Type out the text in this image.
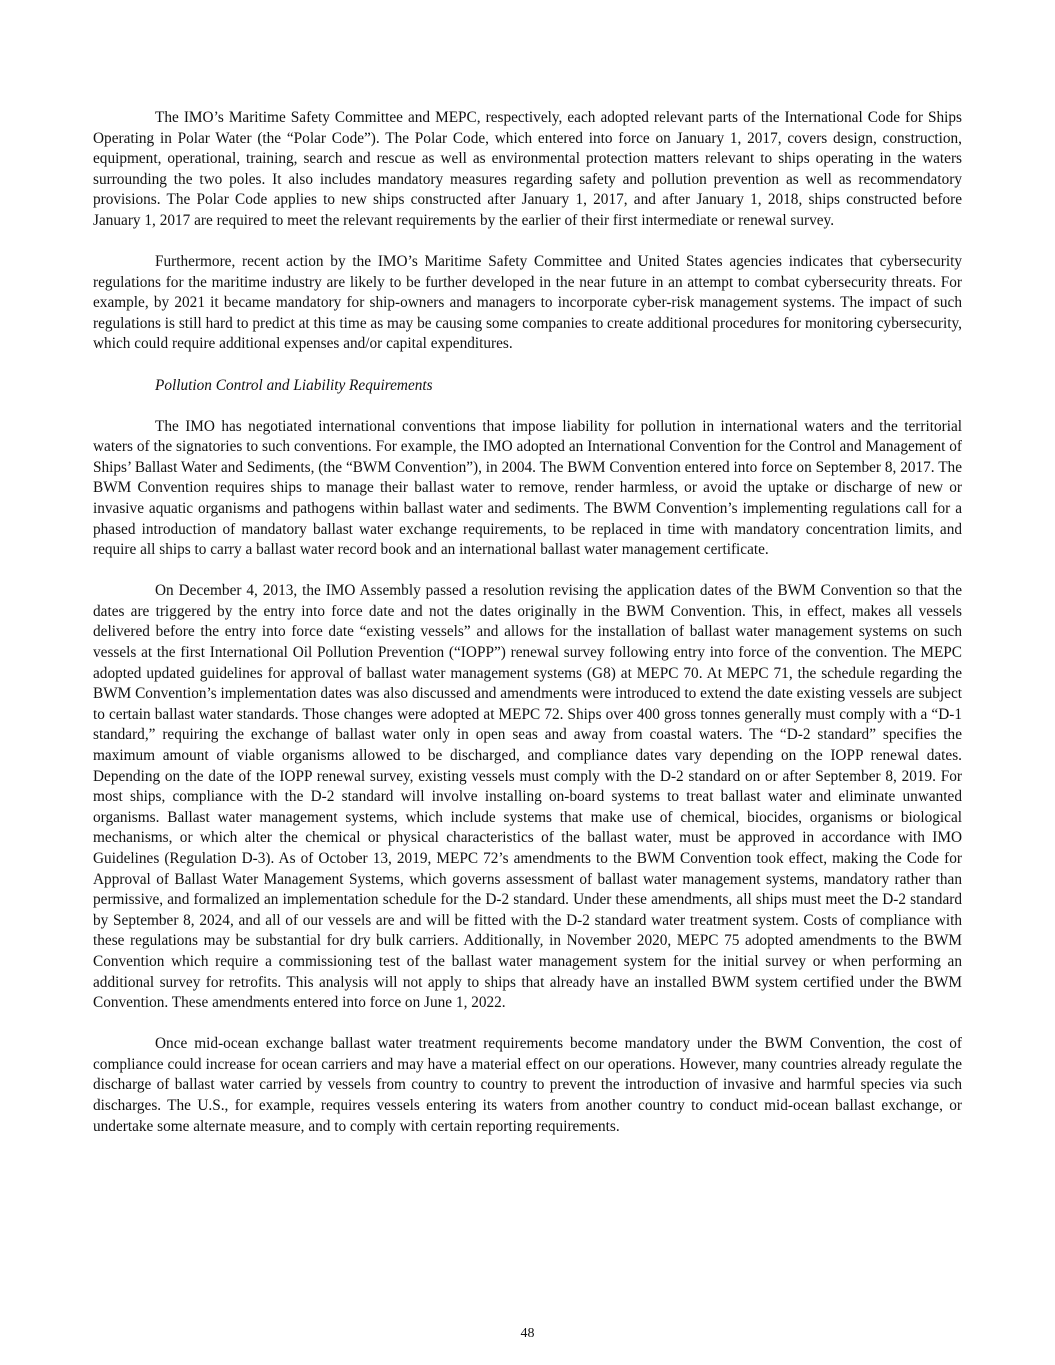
The IMO’s Maritime Safety Committee and MEPC, respectively, each adopted relevant parts of the International Code for Ships Operating in Polar Water (the “Polar Code”). The Polar Code, which entered into force on January 1, 2017, covers design, construction, equipment, operational, training, search and rescue as well as environmental protection matters relevant to ships operating in the waters surrounding the two poles. It also includes mandatory measures regarding safety and pollution prevention as well as recommendatory provisions. The Polar Code applies to new ships constructed after January 1, 2017, and after January 1, 2018, ships constructed before January 1, 2017 are required to meet the relevant requirements by the earlier of their first intermediate or renewal survey.

Furthermore, recent action by the IMO’s Maritime Safety Committee and United States agencies indicates that cybersecurity regulations for the maritime industry are likely to be further developed in the near future in an attempt to combat cybersecurity threats. For example, by 2021 it became mandatory for ship-owners and managers to incorporate cyber-risk management systems. The impact of such regulations is still hard to predict at this time as may be causing some companies to create additional procedures for monitoring cybersecurity, which could require additional expenses and/or capital expenditures.

Pollution Control and Liability Requirements

The IMO has negotiated international conventions that impose liability for pollution in international waters and the territorial waters of the signatories to such conventions. For example, the IMO adopted an International Convention for the Control and Management of Ships’ Ballast Water and Sediments, (the “BWM Convention”), in 2004. The BWM Convention entered into force on September 8, 2017. The BWM Convention requires ships to manage their ballast water to remove, render harmless, or avoid the uptake or discharge of new or invasive aquatic organisms and pathogens within ballast water and sediments. The BWM Convention’s implementing regulations call for a phased introduction of mandatory ballast water exchange requirements, to be replaced in time with mandatory concentration limits, and require all ships to carry a ballast water record book and an international ballast water management certificate.

On December 4, 2013, the IMO Assembly passed a resolution revising the application dates of the BWM Convention so that the dates are triggered by the entry into force date and not the dates originally in the BWM Convention. This, in effect, makes all vessels delivered before the entry into force date “existing vessels” and allows for the installation of ballast water management systems on such vessels at the first International Oil Pollution Prevention (“IOPP”) renewal survey following entry into force of the convention. The MEPC adopted updated guidelines for approval of ballast water management systems (G8) at MEPC 70. At MEPC 71, the schedule regarding the BWM Convention’s implementation dates was also discussed and amendments were introduced to extend the date existing vessels are subject to certain ballast water standards. Those changes were adopted at MEPC 72. Ships over 400 gross tonnes generally must comply with a “D-1 standard,” requiring the exchange of ballast water only in open seas and away from coastal waters. The “D-2 standard” specifies the maximum amount of viable organisms allowed to be discharged, and compliance dates vary depending on the IOPP renewal dates. Depending on the date of the IOPP renewal survey, existing vessels must comply with the D-2 standard on or after September 8, 2019. For most ships, compliance with the D-2 standard will involve installing on-board systems to treat ballast water and eliminate unwanted organisms. Ballast water management systems, which include systems that make use of chemical, biocides, organisms or biological mechanisms, or which alter the chemical or physical characteristics of the ballast water, must be approved in accordance with IMO Guidelines (Regulation D-3). As of October 13, 2019, MEPC 72’s amendments to the BWM Convention took effect, making the Code for Approval of Ballast Water Management Systems, which governs assessment of ballast water management systems, mandatory rather than permissive, and formalized an implementation schedule for the D-2 standard. Under these amendments, all ships must meet the D-2 standard by September 8, 2024, and all of our vessels are and will be fitted with the D-2 standard water treatment system. Costs of compliance with these regulations may be substantial for dry bulk carriers. Additionally, in November 2020, MEPC 75 adopted amendments to the BWM Convention which require a commissioning test of the ballast water management system for the initial survey or when performing an additional survey for retrofits. This analysis will not apply to ships that already have an installed BWM system certified under the BWM Convention. These amendments entered into force on June 1, 2022.

Once mid-ocean exchange ballast water treatment requirements become mandatory under the BWM Convention, the cost of compliance could increase for ocean carriers and may have a material effect on our operations. However, many countries already regulate the discharge of ballast water carried by vessels from country to country to prevent the introduction of invasive and harmful species via such discharges. The U.S., for example, requires vessels entering its waters from another country to conduct mid-ocean ballast exchange, or undertake some alternate measure, and to comply with certain reporting requirements.

48
